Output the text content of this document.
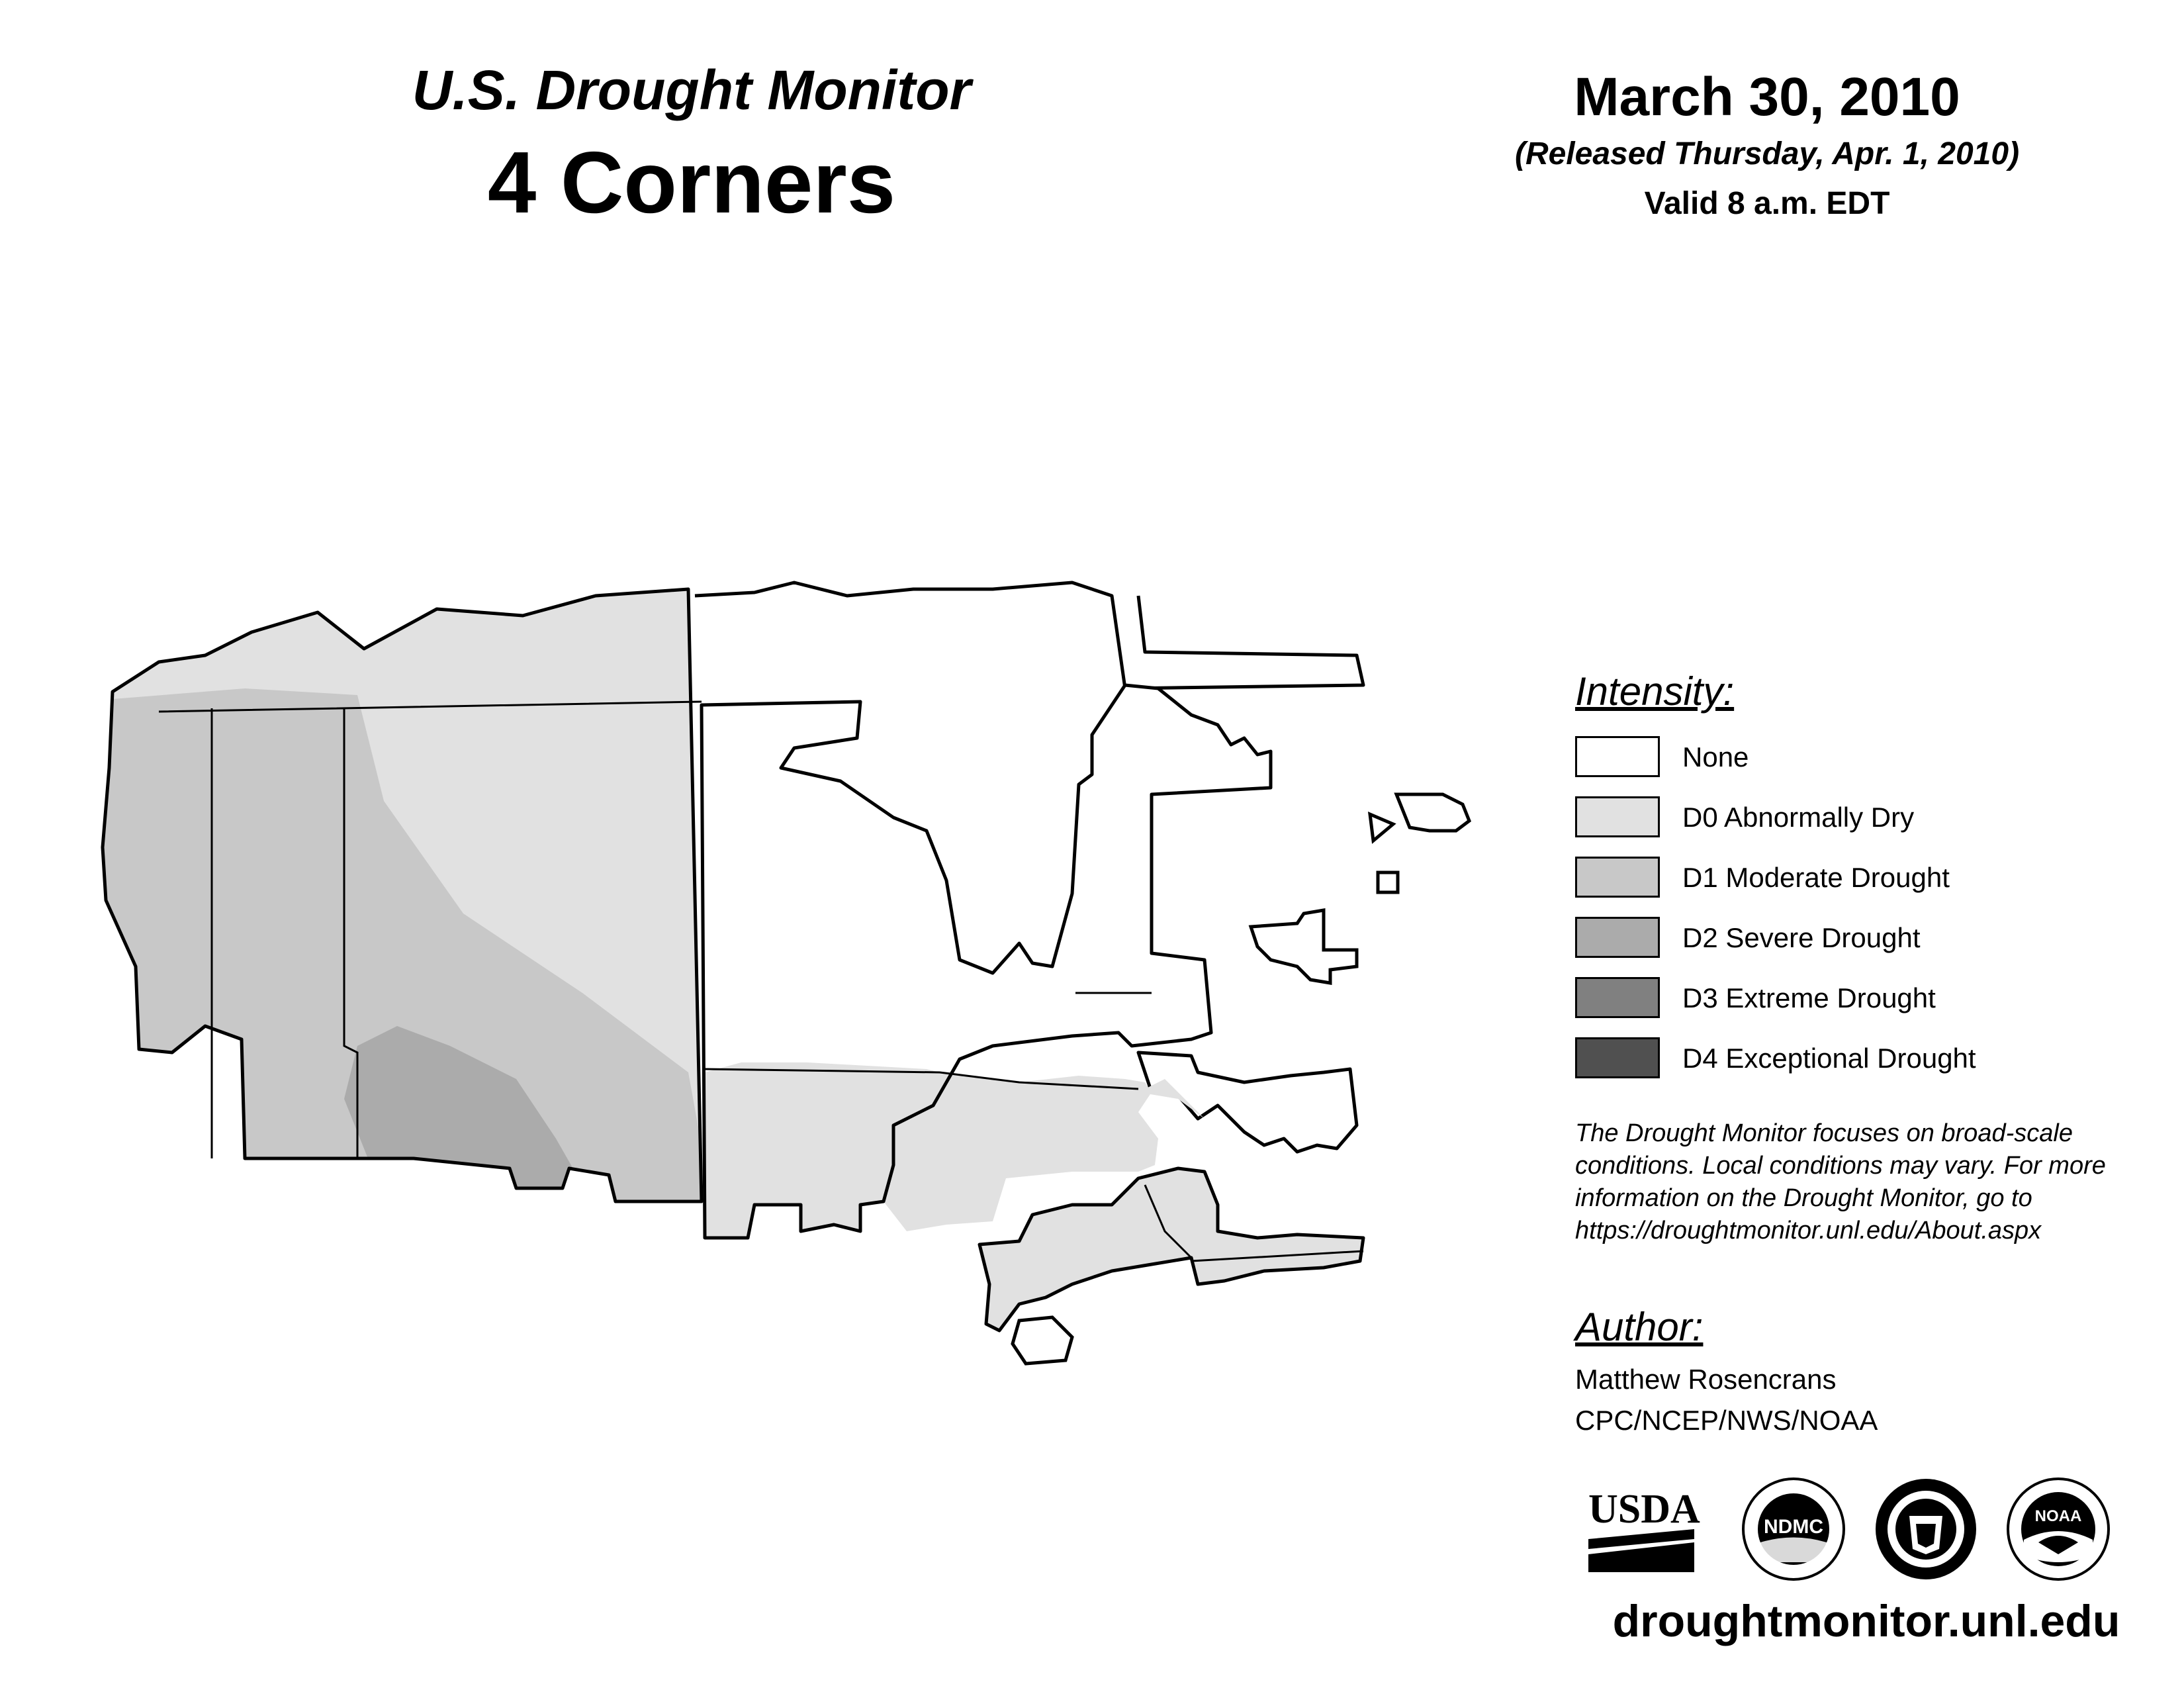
U.S. Drought Monitor
4 Corners
March 30, 2010
(Released Thursday, Apr. 1, 2010)
Valid 8 a.m. EDT
Intensity:
None
D0 Abnormally Dry
D1 Moderate Drought
D2 Severe Drought
D3 Extreme Drought
D4 Exceptional Drought
The Drought Monitor focuses on broad-scale
conditions. Local conditions may vary. For more
information on the Drought Monitor, go to
https://droughtmonitor.unl.edu/About.aspx
Author:
Matthew Rosencrans
CPC/NCEP/NWS/NOAA
USDA	NDMC	NOAA
droughtmonitor.unl.edu
